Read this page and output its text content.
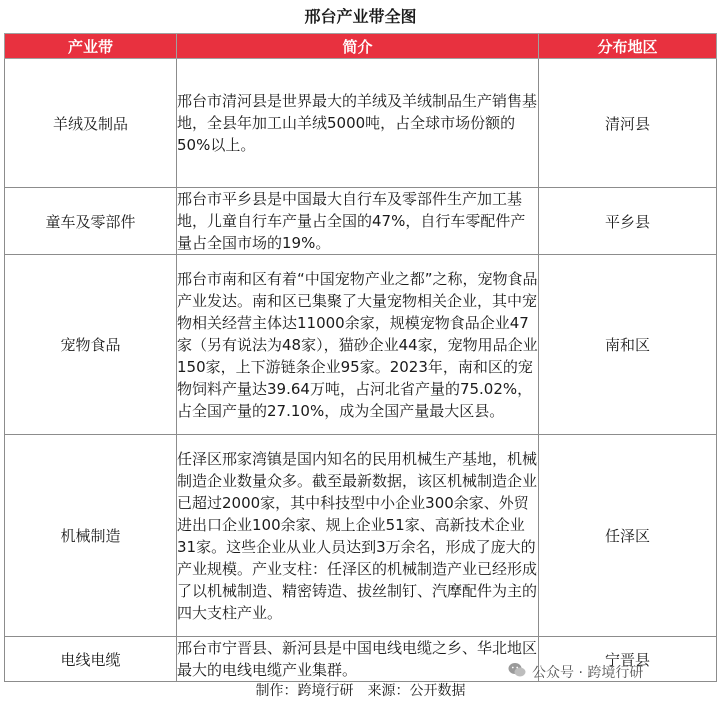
邢台产业带全图
产业带	简介	分布地区
羊绒及制品	邢台市清河县是世界最大的羊绒及羊绒制品生产销售基地，全县年加工山羊绒5000吨，占全球市场份额的50%以上。	清河县
童车及零部件	邢台市平乡县是中国最大自行车及零部件生产加工基地，儿童自行车产量占全国的47%，自行车零配件产量占全国市场的19%。	平乡县
宠物食品	邢台市南和区有着“中国宠物产业之都”之称，宠物食品产业发达。南和区已集聚了大量宠物相关企业，其中宠物相关经营主体达11000余家，规模宠物食品企业47家（另有说法为48家），猫砂企业44家，宠物用品企业150家，上下游链条企业95家。2023年，南和区的宠物饲料产量达39.64万吨，占河北省产量的75.02%，占全国产量的27.10%，成为全国产量最大区县。	南和区
机械制造	任泽区邢家湾镇是国内知名的民用机械生产基地，机械制造企业数量众多。截至最新数据，该区机械制造企业已超过2000家，其中科技型中小企业300余家、外贸进出口企业100余家、规上企业51家、高新技术企业31家。这些企业从业人员达到3万余名，形成了庞大的产业规模。产业支柱：任泽区的机械制造产业已经形成了以机械制造、精密铸造、拔丝制钉、汽摩配件为主的四大支柱产业。	任泽区
电线电缆	邢台市宁晋县、新河县是中国电线电缆之乡、华北地区最大的电线电缆产业集群。	宁晋县
公众号 · 跨境行研
制作：跨境行研　来源：公开数据
